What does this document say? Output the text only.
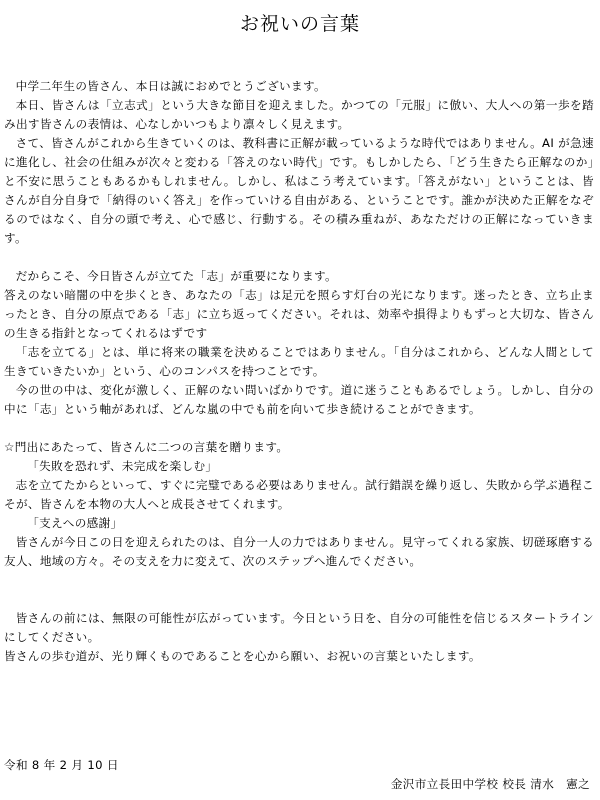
お祝いの言葉

中学二年生の皆さん、本日は誠におめでとうございます。

本日、皆さんは「立志式」という大きな節目を迎えました。かつての「元服」に倣い、大人への第一歩を踏み出す皆さんの表情は、心なしかいつもより凛々しく見えます。

さて、皆さんがこれから生きていくのは、教科書に正解が載っているような時代ではありません。AI が急速に進化し、社会の仕組みが次々と変わる「答えのない時代」です。もしかしたら、「どう生きたら正解なのか」と不安に思うこともあるかもしれません。しかし、私はこう考えています。「答えがない」ということは、皆さんが自分自身で「納得のいく答え」を作っていける自由がある、ということです。誰かが決めた正解をなぞるのではなく、自分の頭で考え、心で感じ、行動する。その積み重ねが、あなただけの正解になっていきます。

だからこそ、今日皆さんが立てた「志」が重要になります。

答えのない暗闇の中を歩くとき、あなたの「志」は足元を照らす灯台の光になります。迷ったとき、立ち止まったとき、自分の原点である「志」に立ち返ってください。それは、効率や損得よりもずっと大切な、皆さんの生きる指針となってくれるはずです

「志を立てる」とは、単に将来の職業を決めることではありません。「自分はこれから、どんな人間として生きていきたいか」という、心のコンパスを持つことです。

今の世の中は、変化が激しく、正解のない問いばかりです。道に迷うこともあるでしょう。しかし、自分の中に「志」という軸があれば、どんな嵐の中でも前を向いて歩き続けることができます。

☆門出にあたって、皆さんに二つの言葉を贈ります。

「失敗を恐れず、未完成を楽しむ」

志を立てたからといって、すぐに完璧である必要はありません。試行錯誤を繰り返し、失敗から学ぶ過程こそが、皆さんを本物の大人へと成長させてくれます。

「支えへの感謝」

皆さんが今日この日を迎えられたのは、自分一人の力ではありません。見守ってくれる家族、切磋琢磨する友人、地域の方々。その支えを力に変えて、次のステップへ進んでください。

皆さんの前には、無限の可能性が広がっています。今日という日を、自分の可能性を信じるスタートラインにしてください。

皆さんの歩む道が、光り輝くものであることを心から願い、お祝いの言葉といたします。

令和 8 年 2 月 10 日
金沢市立長田中学校 校長 清水　憲之
